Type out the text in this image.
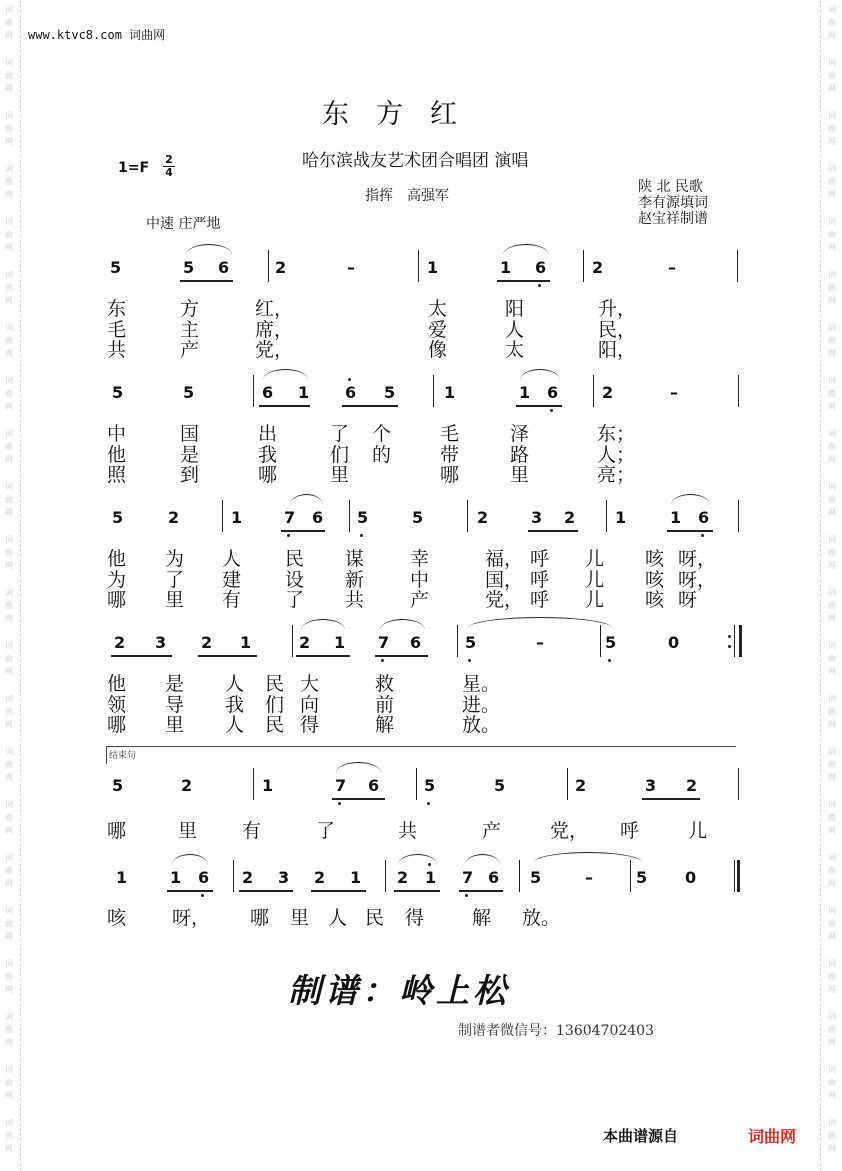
词
曲
网
词
曲
网
词
曲
网
词
曲
网
词
曲
网
词
曲
网
词
曲
网
词
曲
网
词
曲
网
词
曲
网
词
曲
网
词
曲
网
词
曲
网
词
曲
网
词
曲
网
词
曲
网
词
曲
网
词
曲
网
词
曲
网
词
曲
网
词
曲
网
词
曲
网
词
曲
网
词
曲
网
词
曲
网
词
曲
网
词
曲
网
词
曲
网
词
曲
网
词
曲
网
词
曲
网
词
曲
网
词
曲
网
词
曲
网
词
曲
网
词
曲
网
词
曲
网
词
曲
网
词
曲
网
词
曲
网
词
曲
网
词
曲
网
词
曲
网
词
曲
网
www.ktvc8.com 词曲网
东　方　红
哈尔滨战友艺术团合唱团 演唱
1=F
2
4
指挥　高强军
陕 北 民歌
李有源填词
赵宝祥制谱
中速 庄严地
5	5 6	2	–	1	1 6	2	–
东	方	红，	太	阳	升，
毛	主	席，	爱	人	民，
共	产	党，	像	太	阳，
5	5	6 1 6 5	1	1 6	2	–
中	国	出	了 个	毛	泽	东；
他	是	我	们 的	带	路	人；
照	到	哪	里	哪	里	亮；
5	2	1	7 6 5	5	2	3 2 1	1 6
他 为 人 民 谋 幸	福， 呼 儿 咳 呀，
为 了 建 设 新 中	国， 呼 儿 咳 呀，
哪 里 有 了 共 产	党， 呼 儿 咳 呀
2 3 2 1	2 1 7 6	5	–	5	0
他 是 人 民 大	救	星。
领 导 我 们 向	前	进。
哪 里 人 民 得	解	放。
5	2	1	7 6	5	5	2	3 2
哪	里 有	了	共	产	党， 呼	儿
1	1 6 2 3 2 1 2 1 7 6 5	–	5 0
咳 呀， 哪 里 人 民 得	解 放。
结束句
制谱：岭上松
制谱者微信号：13604702403
本曲谱源自	词曲网
